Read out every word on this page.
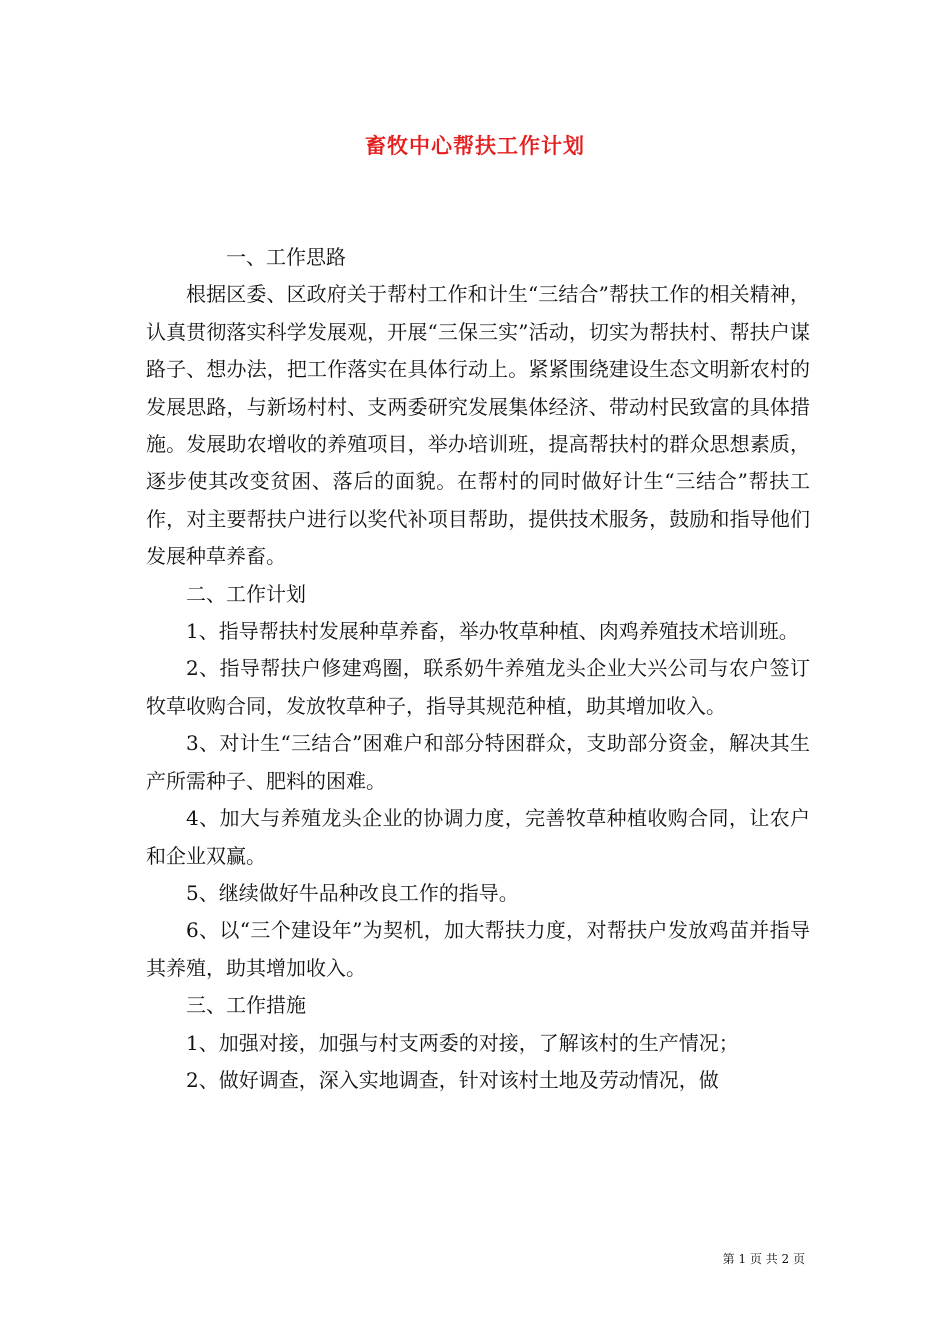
畜牧中心帮扶工作计划

一、工作思路

根据区委、区政府关于帮村工作和计生“三结合”帮扶工作的相关精神，认真贯彻落实科学发展观，开展“三保三实”活动，切实为帮扶村、帮扶户谋路子、想办法，把工作落实在具体行动上。紧紧围绕建设生态文明新农村的发展思路，与新场村村、支两委研究发展集体经济、带动村民致富的具体措施。发展助农增收的养殖项目，举办培训班，提高帮扶村的群众思想素质，逐步使其改变贫困、落后的面貌。在帮村的同时做好计生“三结合”帮扶工作，对主要帮扶户进行以奖代补项目帮助，提供技术服务，鼓励和指导他们发展种草养畜。

二、工作计划

1、指导帮扶村发展种草养畜，举办牧草种植、肉鸡养殖技术培训班。

2、指导帮扶户修建鸡圈，联系奶牛养殖龙头企业大兴公司与农户签订牧草收购合同，发放牧草种子，指导其规范种植，助其增加收入。

3、对计生“三结合”困难户和部分特困群众，支助部分资金，解决其生产所需种子、肥料的困难。

4、加大与养殖龙头企业的协调力度，完善牧草种植收购合同，让农户和企业双赢。

5、继续做好牛品种改良工作的指导。

6、以“三个建设年”为契机，加大帮扶力度，对帮扶户发放鸡苗并指导其养殖，助其增加收入。

三、工作措施

1、加强对接，加强与村支两委的对接，了解该村的生产情况；

2、做好调查，深入实地调查，针对该村土地及劳动情况，做

第 1 页 共 2 页
